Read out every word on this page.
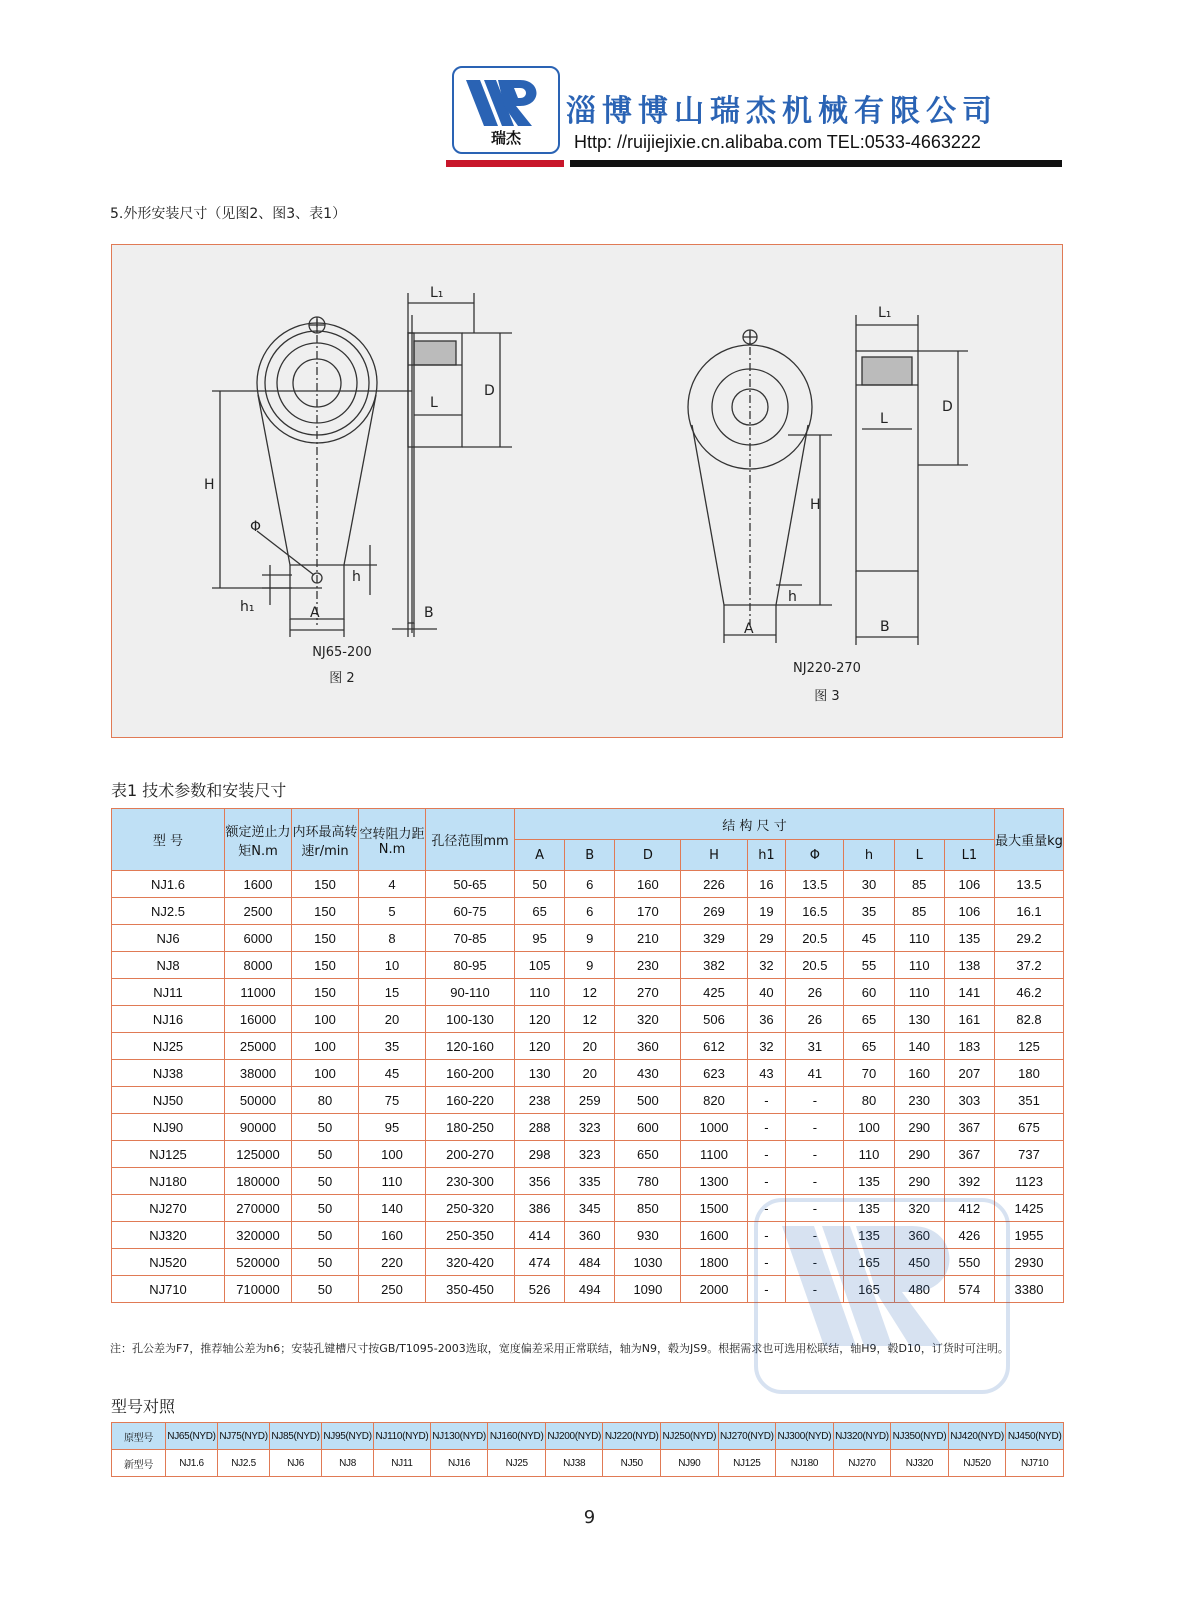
瑞杰
淄博博山瑞杰机械有限公司
Http: //ruijiejixie.cn.alibaba.com TEL:0533-4663222
5.外形安装尺寸（见图2、图3、表1）
H
Φ
h₁
h
A
L₁
L
D
B
H
h
A
L₁
L
D
B
NJ65-200
图 2
NJ220-270
图 3
表1 技术参数和安装尺寸
型 号	额定逆止力矩N.m	内环最高转速r/min	空转阻力距N.m	孔径范围mm	结 构 尺 寸									最大重量kg
					A	B	D	H	h1	Φ	h	L	L1	
NJ1.6	1600	150	4	50-65	50	6	160	226	16	13.5	30	85	106	13.5
NJ2.5	2500	150	5	60-75	65	6	170	269	19	16.5	35	85	106	16.1
NJ6	6000	150	8	70-85	95	9	210	329	29	20.5	45	110	135	29.2
NJ8	8000	150	10	80-95	105	9	230	382	32	20.5	55	110	138	37.2
NJ11	11000	150	15	90-110	110	12	270	425	40	26	60	110	141	46.2
NJ16	16000	100	20	100-130	120	12	320	506	36	26	65	130	161	82.8
NJ25	25000	100	35	120-160	120	20	360	612	32	31	65	140	183	125
NJ38	38000	100	45	160-200	130	20	430	623	43	41	70	160	207	180
NJ50	50000	80	75	160-220	238	259	500	820	-	-	80	230	303	351
NJ90	90000	50	95	180-250	288	323	600	1000	-	-	100	290	367	675
NJ125	125000	50	100	200-270	298	323	650	1100	-	-	110	290	367	737
NJ180	180000	50	110	230-300	356	335	780	1300	-	-	135	290	392	1123
NJ270	270000	50	140	250-320	386	345	850	1500	-	-	135	320	412	1425
NJ320	320000	50	160	250-350	414	360	930	1600	-	-	135	360	426	1955
NJ520	520000	50	220	320-420	474	484	1030	1800	-	-	165	450	550	2930
NJ710	710000	50	250	350-450	526	494	1090	2000	-	-	165	480	574	3380
注：孔公差为F7，推荐轴公差为h6；安装孔键槽尺寸按GB/T1095-2003选取，宽度偏差采用正常联结，轴为N9，毂为JS9。根据需求也可选用松联结，轴H9，毂D10，订货时可注明。
型号对照
原型号	NJ65(NYD)	NJ75(NYD)	NJ85(NYD)	NJ95(NYD)	NJ110(NYD)	NJ130(NYD)	NJ160(NYD)	NJ200(NYD)	NJ220(NYD)	NJ250(NYD)	NJ270(NYD)	NJ300(NYD)	NJ320(NYD)	NJ350(NYD)	NJ420(NYD)	NJ450(NYD)
新型号	NJ1.6	NJ2.5	NJ6	NJ8	NJ11	NJ16	NJ25	NJ38	NJ50	NJ90	NJ125	NJ180	NJ270	NJ320	NJ520	NJ710
9
